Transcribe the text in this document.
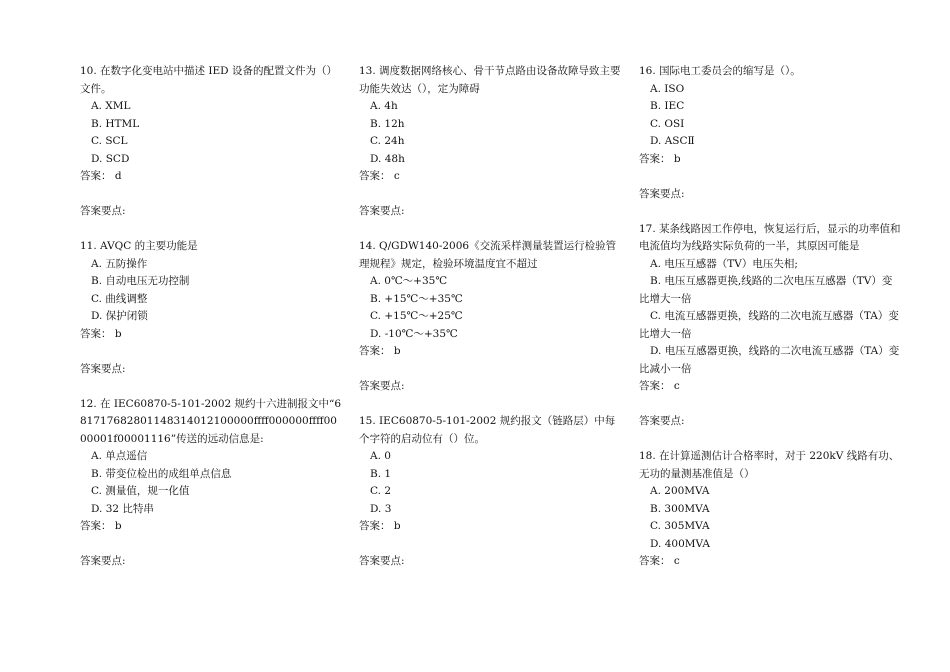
10. 在数字化变电站中描述 IED 设备的配置文件为（）文件。

A. XML

B. HTML

C. SCL

D. SCD

答案： d

答案要点:

11. AVQC 的主要功能是

A. 五防操作

B. 自动电压无功控制

C. 曲线调整

D. 保护闭锁

答案： b

答案要点:

12. 在 IEC60870-5-101-2002 规约十六进制报文中“681717682801148314012100000ffff000000ffff0000001f00001116”传送的远动信息是:

A. 单点遥信

B. 带变位检出的成组单点信息

C. 测量值，规一化值

D. 32 比特串

答案： b

答案要点:

13. 调度数据网络核心、骨干节点路由设备故障导致主要功能失效达（），定为障碍

A. 4h

B. 12h

C. 24h

D. 48h

答案： c

答案要点:

14. Q/GDW140-2006《交流采样测量装置运行检验管理规程》规定，检验环境温度宜不超过

A. 0℃～+35℃

B. +15℃～+35℃

C. +15℃～+25℃

D. -10℃～+35℃

答案： b

答案要点:

15. IEC60870-5-101-2002 规约报文（链路层）中每个字符的启动位有（）位。

A. 0

B. 1

C. 2

D. 3

答案： b

答案要点:

16. 国际电工委员会的缩写是（）。

A. ISO

B. IEC

C. OSI

D. ASCⅡ

答案： b

答案要点:

17. 某条线路因工作停电，恢复运行后，显示的功率值和电流值均为线路实际负荷的一半，其原因可能是

A. 电压互感器（TV）电压失相;

B. 电压互感器更换,线路的二次电压互感器（TV）变比增大一倍

C. 电流互感器更换，线路的二次电流互感器（TA）变比增大一倍

D. 电压互感器更换，线路的二次电流互感器（TA）变比减小一倍

答案： c

答案要点:

18. 在计算遥测估计合格率时，对于 220kV 线路有功、无功的量测基准值是（）

A. 200MVA

B. 300MVA

C. 305MVA

D. 400MVA

答案： c
